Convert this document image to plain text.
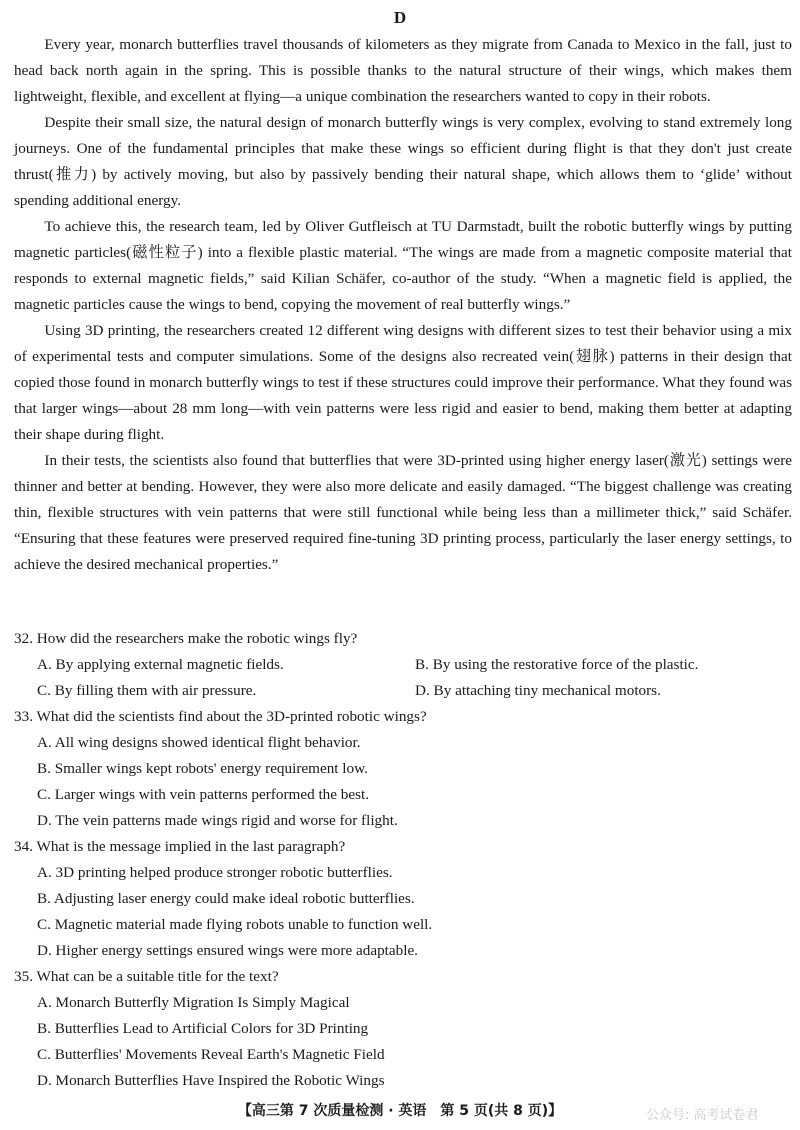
D

Every year, monarch butterflies travel thousands of kilometers as they migrate from Canada to Mexico in the fall, just to head back north again in the spring. This is possible thanks to the natural structure of their wings, which makes them lightweight, flexible, and excellent at flying—a unique combination the researchers wanted to copy in their robots.

Despite their small size, the natural design of monarch butterfly wings is very complex, evolving to stand extremely long journeys. One of the fundamental principles that make these wings so efficient during flight is that they don't just create thrust(推力) by actively moving, but also by passively bending their natural shape, which allows them to ‘glide’ without spending additional energy.

To achieve this, the research team, led by Oliver Gutfleisch at TU Darmstadt, built the robotic butterfly wings by putting magnetic particles(磁性粒子) into a flexible plastic material. “The wings are made from a magnetic composite material that responds to external magnetic fields,” said Kilian Schäfer, co-author of the study. “When a magnetic field is applied, the magnetic particles cause the wings to bend, copying the movement of real butterfly wings.”

Using 3D printing, the researchers created 12 different wing designs with different sizes to test their behavior using a mix of experimental tests and computer simulations. Some of the designs also recreated vein(翅脉) patterns in their design that copied those found in monarch butterfly wings to test if these structures could improve their performance. What they found was that larger wings—about 28 mm long—with vein patterns were less rigid and easier to bend, making them better at adapting their shape during flight.

In their tests, the scientists also found that butterflies that were 3D-printed using higher energy laser(激光) settings were thinner and better at bending. However, they were also more delicate and easily damaged. “The biggest challenge was creating thin, flexible structures with vein patterns that were still functional while being less than a millimeter thick,” said Schäfer. “Ensuring that these features were preserved required fine-tuning 3D printing process, particularly the laser energy settings, to achieve the desired mechanical properties.”

32. How did the researchers make the robotic wings fly?

A. By applying external magnetic fields.	B. By using the restorative force of the plastic.

C. By filling them with air pressure.	D. By attaching tiny mechanical motors.

33. What did the scientists find about the 3D-printed robotic wings?

A. All wing designs showed identical flight behavior.

B. Smaller wings kept robots' energy requirement low.

C. Larger wings with vein patterns performed the best.

D. The vein patterns made wings rigid and worse for flight.

34. What is the message implied in the last paragraph?

A. 3D printing helped produce stronger robotic butterflies.

B. Adjusting laser energy could make ideal robotic butterflies.

C. Magnetic material made flying robots unable to function well.

D. Higher energy settings ensured wings were more adaptable.

35. What can be a suitable title for the text?

A. Monarch Butterfly Migration Is Simply Magical

B. Butterflies Lead to Artificial Colors for 3D Printing

C. Butterflies' Movements Reveal Earth's Magnetic Field

D. Monarch Butterflies Have Inspired the Robotic Wings

【高三第 7 次质量检测 · 英语　第 5 页(共 8 页)】	公众号: 高考试卷君
